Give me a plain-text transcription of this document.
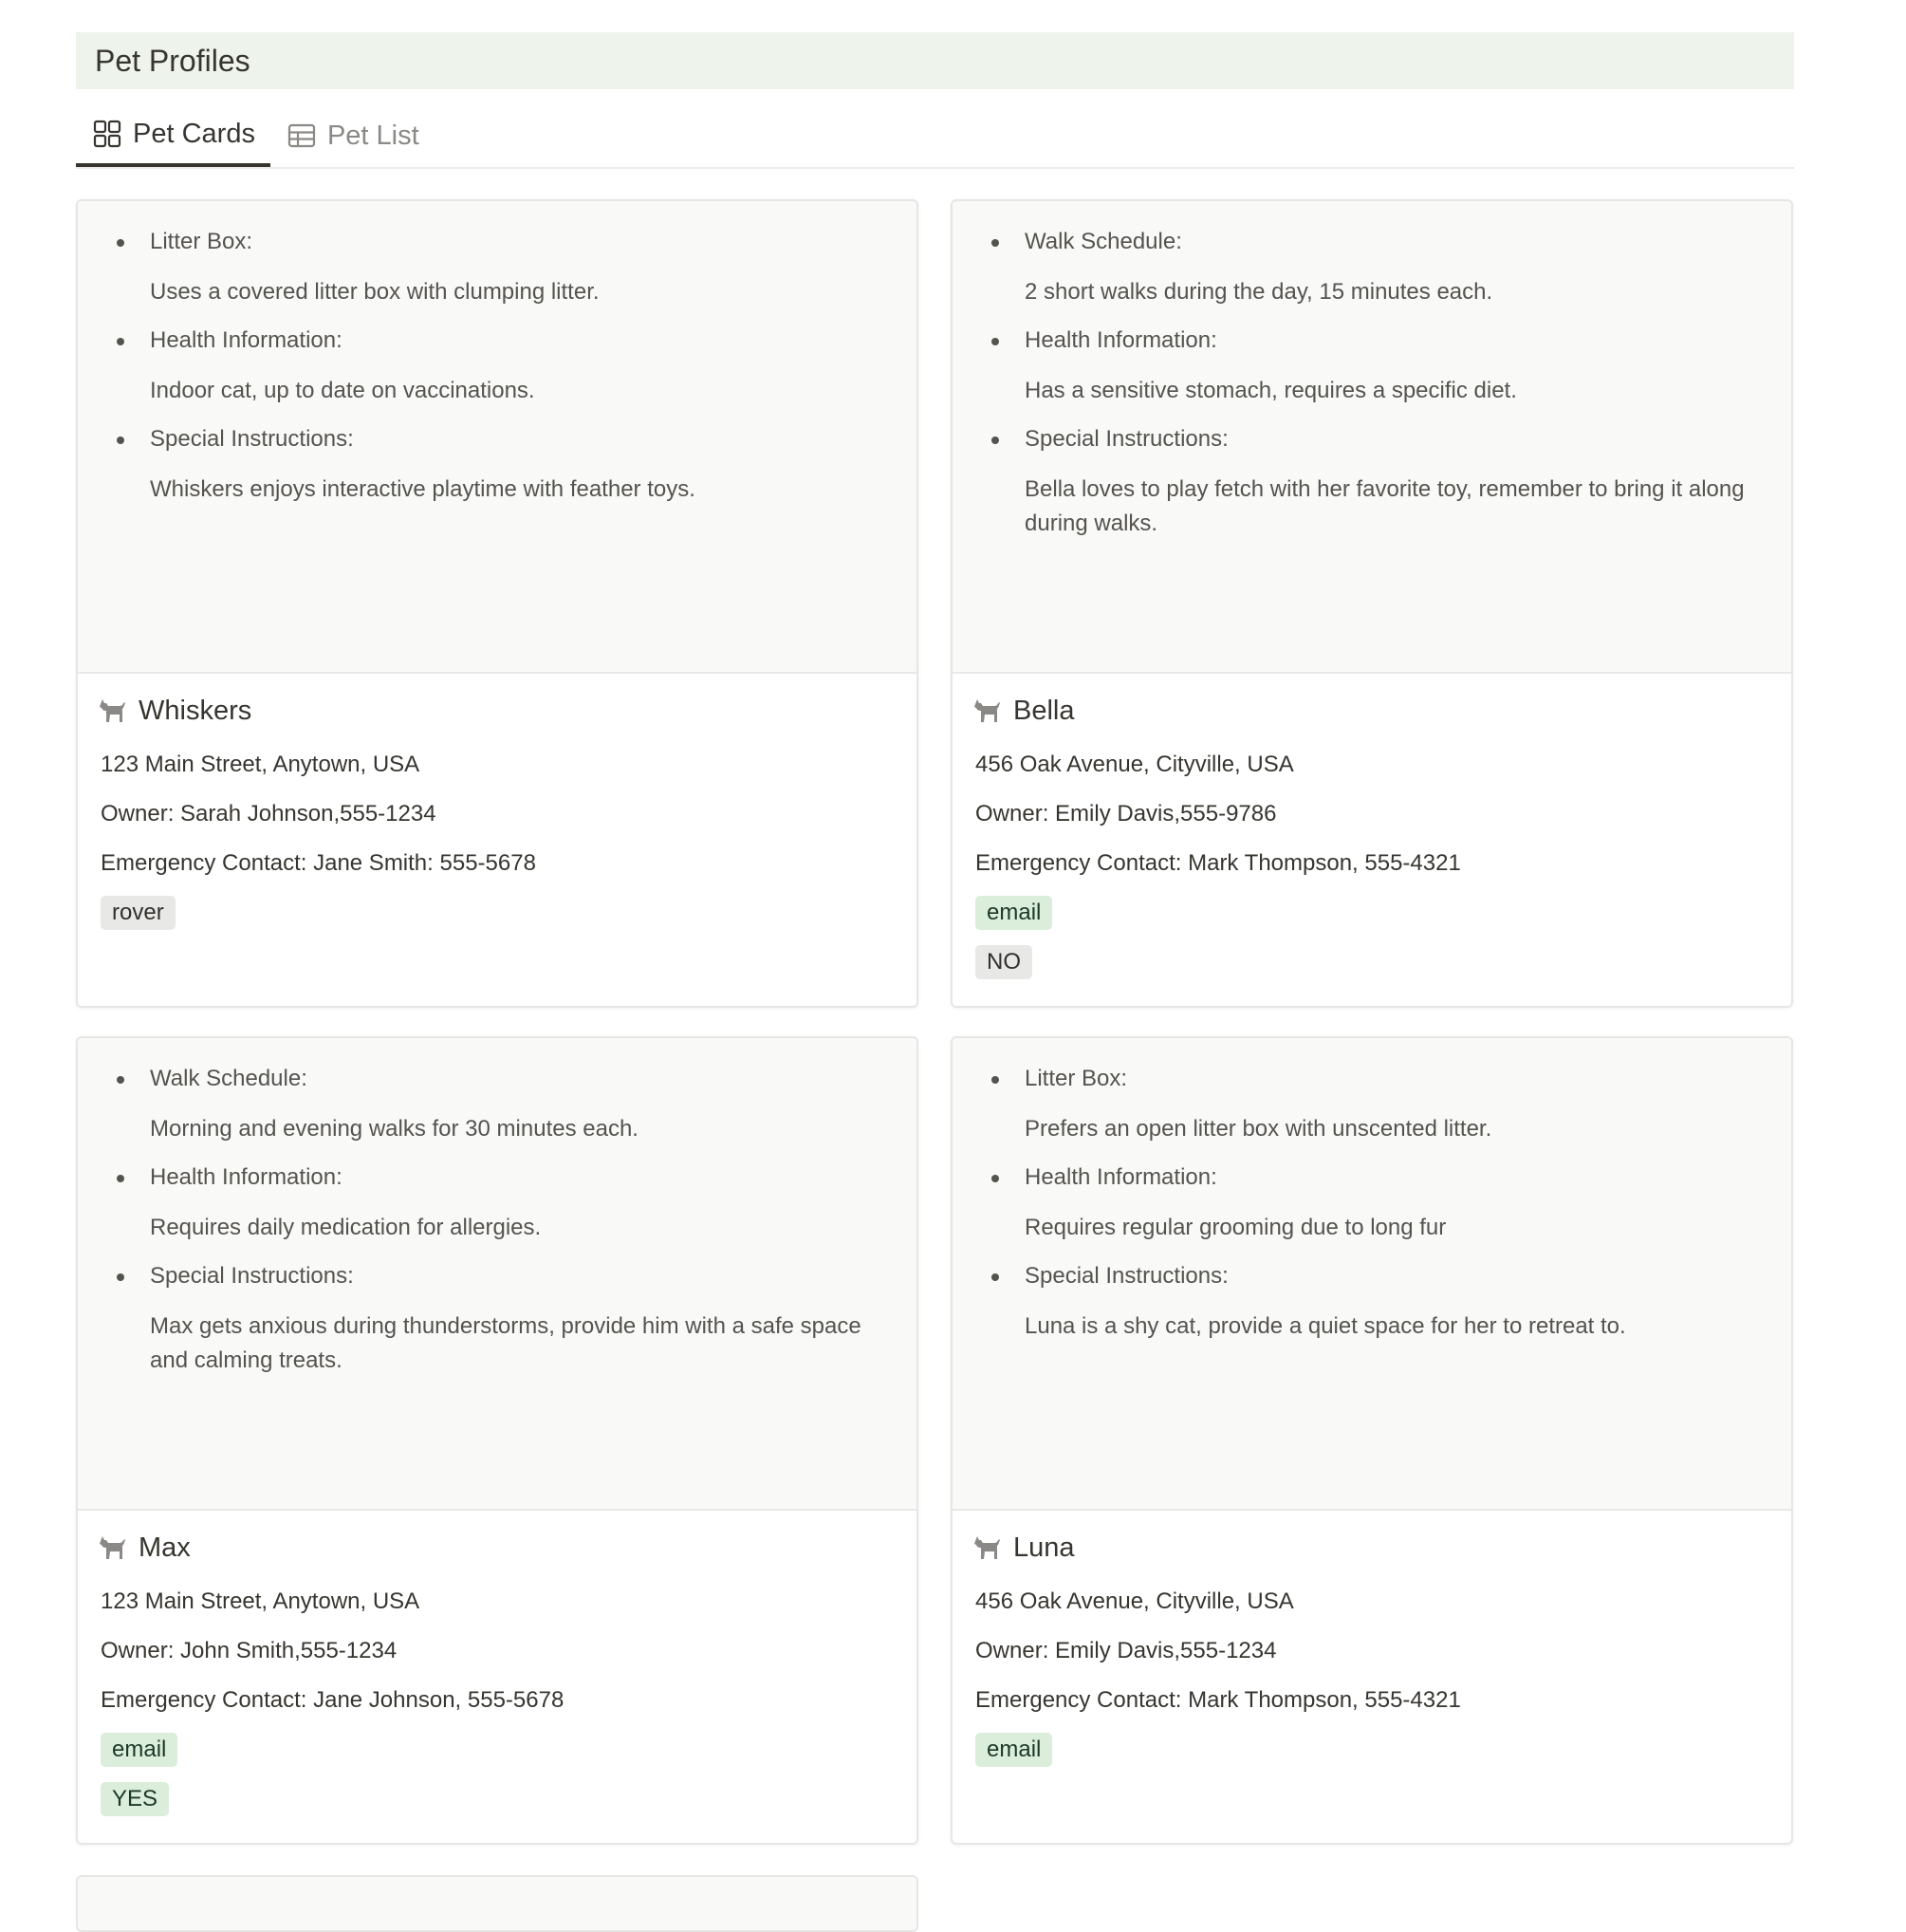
Pet Profiles
Pet Cards	Pet List
Litter Box:
Uses a covered litter box with clumping litter.
Health Information:
Indoor cat, up to date on vaccinations.
Special Instructions:
Whiskers enjoys interactive playtime with feather toys.
Whiskers
123 Main Street, Anytown, USA
Owner: Sarah Johnson,555-1234
Emergency Contact: Jane Smith: 555-5678
rover
Walk Schedule:
2 short walks during the day, 15 minutes each.
Health Information:
Has a sensitive stomach, requires a specific diet.
Special Instructions:
Bella loves to play fetch with her favorite toy, remember to bring it along during walks.
Bella
456 Oak Avenue, Cityville, USA
Owner: Emily Davis,555-9786
Emergency Contact: Mark Thompson, 555-4321
email
NO
Walk Schedule:
Morning and evening walks for 30 minutes each.
Health Information:
Requires daily medication for allergies.
Special Instructions:
Max gets anxious during thunderstorms, provide him with a safe space and calming treats.
Max
123 Main Street, Anytown, USA
Owner: John Smith,555-1234
Emergency Contact: Jane Johnson, 555-5678
email
YES
Litter Box:
Prefers an open litter box with unscented litter.
Health Information:
Requires regular grooming due to long fur
Special Instructions:
Luna is a shy cat, provide a quiet space for her to retreat to.
Luna
456 Oak Avenue, Cityville, USA
Owner: Emily Davis,555-1234
Emergency Contact: Mark Thompson, 555-4321
email
